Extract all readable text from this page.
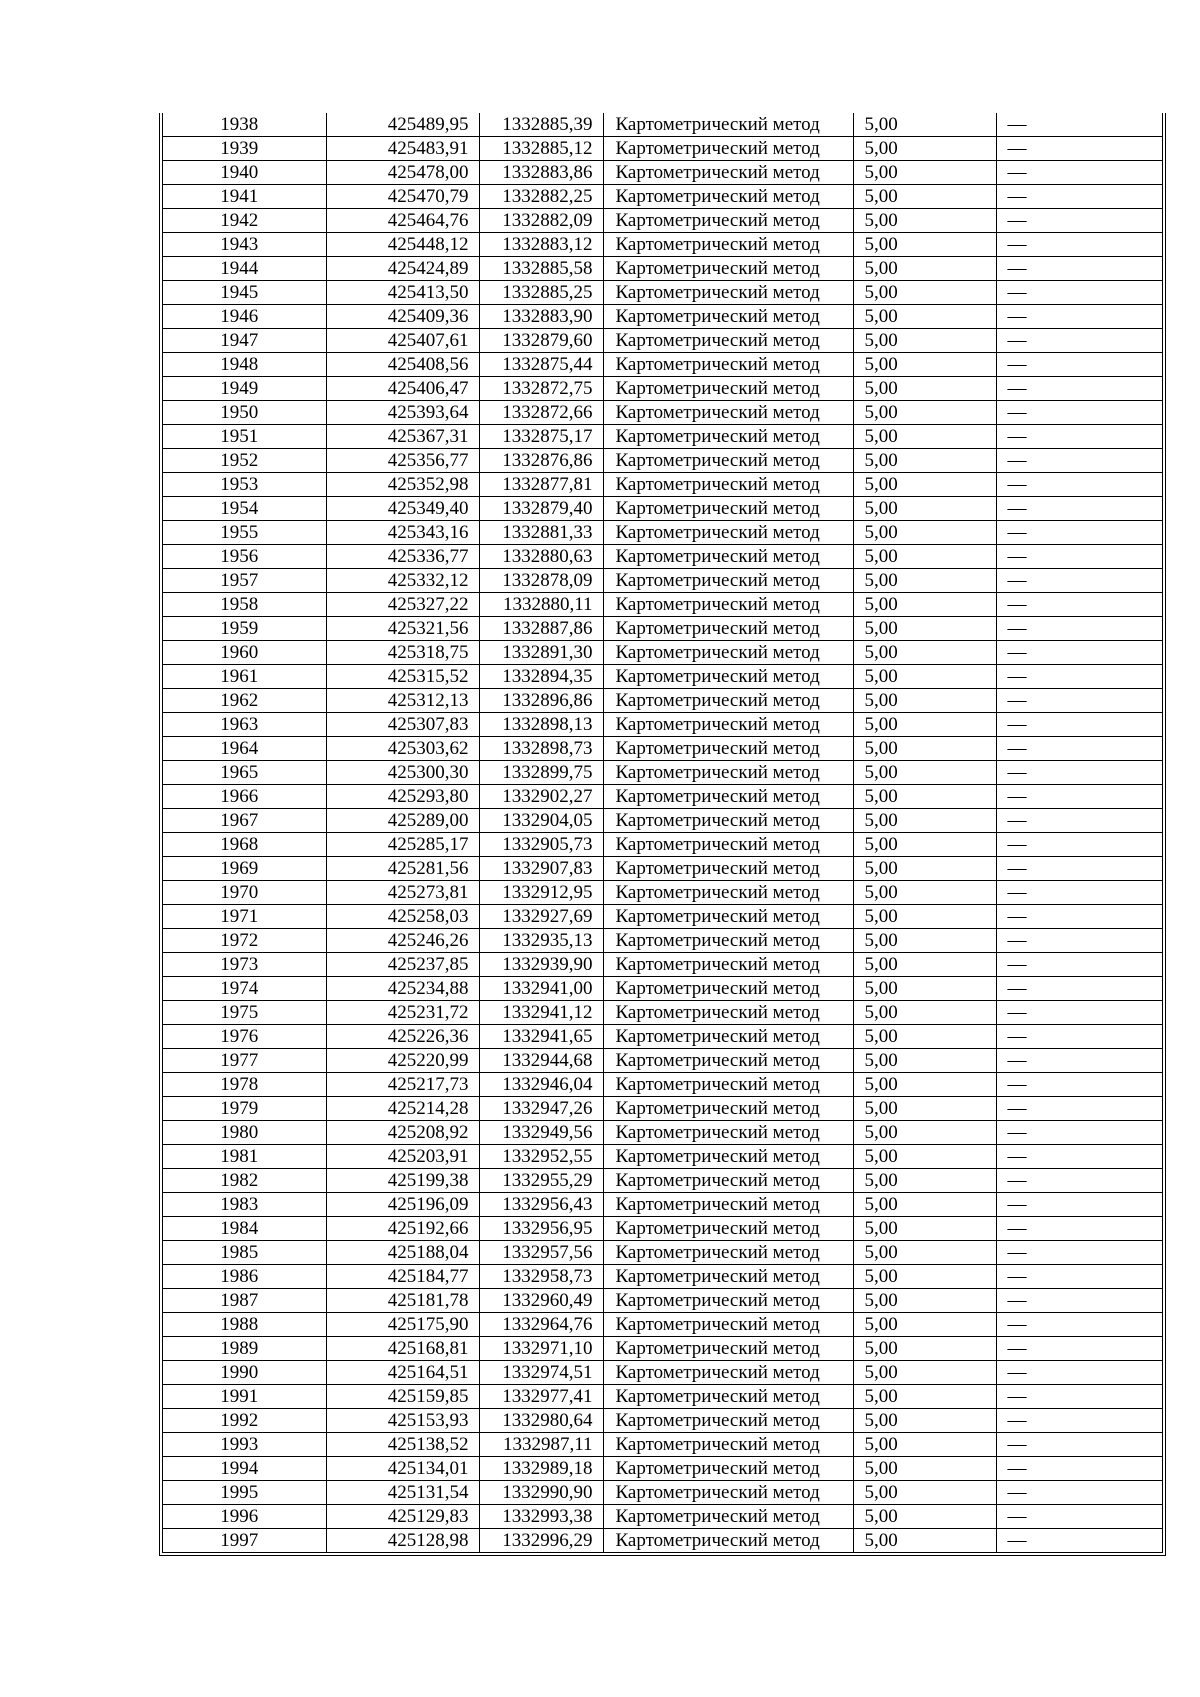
1938	425489,95	1332885,39	Картометрический метод	5,00	—
1939	425483,91	1332885,12	Картометрический метод	5,00	—
1940	425478,00	1332883,86	Картометрический метод	5,00	—
1941	425470,79	1332882,25	Картометрический метод	5,00	—
1942	425464,76	1332882,09	Картометрический метод	5,00	—
1943	425448,12	1332883,12	Картометрический метод	5,00	—
1944	425424,89	1332885,58	Картометрический метод	5,00	—
1945	425413,50	1332885,25	Картометрический метод	5,00	—
1946	425409,36	1332883,90	Картометрический метод	5,00	—
1947	425407,61	1332879,60	Картометрический метод	5,00	—
1948	425408,56	1332875,44	Картометрический метод	5,00	—
1949	425406,47	1332872,75	Картометрический метод	5,00	—
1950	425393,64	1332872,66	Картометрический метод	5,00	—
1951	425367,31	1332875,17	Картометрический метод	5,00	—
1952	425356,77	1332876,86	Картометрический метод	5,00	—
1953	425352,98	1332877,81	Картометрический метод	5,00	—
1954	425349,40	1332879,40	Картометрический метод	5,00	—
1955	425343,16	1332881,33	Картометрический метод	5,00	—
1956	425336,77	1332880,63	Картометрический метод	5,00	—
1957	425332,12	1332878,09	Картометрический метод	5,00	—
1958	425327,22	1332880,11	Картометрический метод	5,00	—
1959	425321,56	1332887,86	Картометрический метод	5,00	—
1960	425318,75	1332891,30	Картометрический метод	5,00	—
1961	425315,52	1332894,35	Картометрический метод	5,00	—
1962	425312,13	1332896,86	Картометрический метод	5,00	—
1963	425307,83	1332898,13	Картометрический метод	5,00	—
1964	425303,62	1332898,73	Картометрический метод	5,00	—
1965	425300,30	1332899,75	Картометрический метод	5,00	—
1966	425293,80	1332902,27	Картометрический метод	5,00	—
1967	425289,00	1332904,05	Картометрический метод	5,00	—
1968	425285,17	1332905,73	Картометрический метод	5,00	—
1969	425281,56	1332907,83	Картометрический метод	5,00	—
1970	425273,81	1332912,95	Картометрический метод	5,00	—
1971	425258,03	1332927,69	Картометрический метод	5,00	—
1972	425246,26	1332935,13	Картометрический метод	5,00	—
1973	425237,85	1332939,90	Картометрический метод	5,00	—
1974	425234,88	1332941,00	Картометрический метод	5,00	—
1975	425231,72	1332941,12	Картометрический метод	5,00	—
1976	425226,36	1332941,65	Картометрический метод	5,00	—
1977	425220,99	1332944,68	Картометрический метод	5,00	—
1978	425217,73	1332946,04	Картометрический метод	5,00	—
1979	425214,28	1332947,26	Картометрический метод	5,00	—
1980	425208,92	1332949,56	Картометрический метод	5,00	—
1981	425203,91	1332952,55	Картометрический метод	5,00	—
1982	425199,38	1332955,29	Картометрический метод	5,00	—
1983	425196,09	1332956,43	Картометрический метод	5,00	—
1984	425192,66	1332956,95	Картометрический метод	5,00	—
1985	425188,04	1332957,56	Картометрический метод	5,00	—
1986	425184,77	1332958,73	Картометрический метод	5,00	—
1987	425181,78	1332960,49	Картометрический метод	5,00	—
1988	425175,90	1332964,76	Картометрический метод	5,00	—
1989	425168,81	1332971,10	Картометрический метод	5,00	—
1990	425164,51	1332974,51	Картометрический метод	5,00	—
1991	425159,85	1332977,41	Картометрический метод	5,00	—
1992	425153,93	1332980,64	Картометрический метод	5,00	—
1993	425138,52	1332987,11	Картометрический метод	5,00	—
1994	425134,01	1332989,18	Картометрический метод	5,00	—
1995	425131,54	1332990,90	Картометрический метод	5,00	—
1996	425129,83	1332993,38	Картометрический метод	5,00	—
1997	425128,98	1332996,29	Картометрический метод	5,00	—
